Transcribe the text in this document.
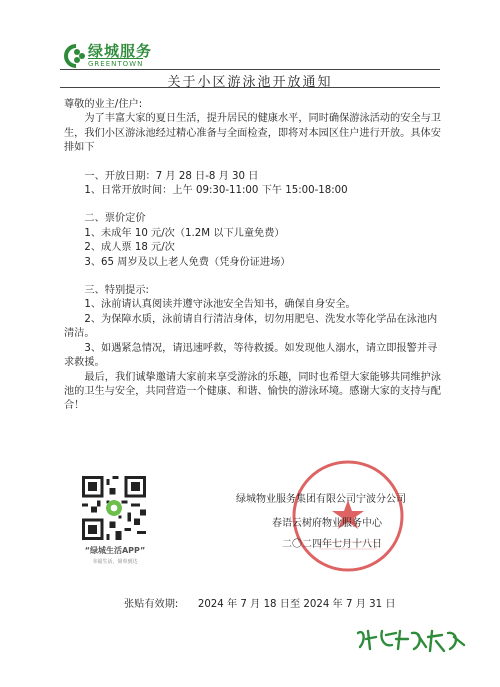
绿城服务
GREENTOWN
关于小区游泳池开放通知

尊敬的业主/住户:

为了丰富大家的夏日生活，提升居民的健康水平，同时确保游泳活动的安全与卫生，我们小区游泳池经过精心准备与全面检查，即将对本园区住户进行开放。具体安排如下

一、开放日期：7 月 28 日-8 月 30 日

1、日常开放时间：上午 09:30-11:00 下午 15:00-18:00

二、票价定价

1、未成年 10 元/次（1.2M 以下儿童免费）

2、成人票 18 元/次

3、65 周岁及以上老人免费（凭身份证进场）

三、特别提示:

1、泳前请认真阅读并遵守泳池安全告知书，确保自身安全。

2、为保障水质，泳前请自行清洁身体，切勿用肥皂、洗发水等化学品在泳池内清洁。

3、如遇紧急情况，请迅速呼救，等待救援。如发现他人溺水，请立即报警并寻求救援。

最后，我们诚挚邀请大家前来享受游泳的乐趣，同时也希望大家能够共同维护泳池的卫生与安全，共同营造一个健康、和谐、愉快的游泳环境。感谢大家的支持与配合！

“绿城生活APP”
幸福生活，简单到达
绿城物业服务集团有限公司宁波分公司
春语云树府物业服务中心
二〇二四年七月十八日
张贴有效期: 2024 年 7 月 18 日至 2024 年 7 月 31 日
